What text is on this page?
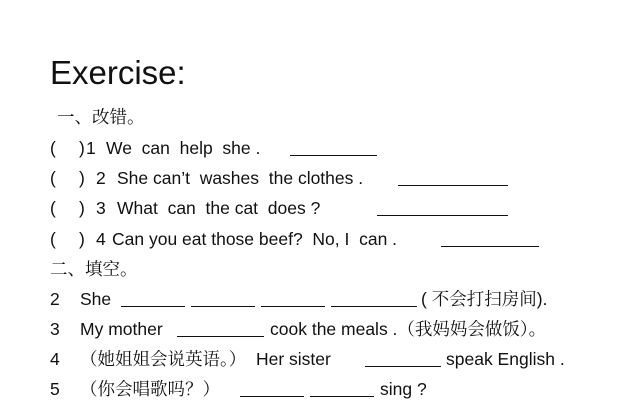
Exercise:
一、改错。
( ) 1 We  can  help  she .
( ) 2 She can’t  washes  the clothes .
( ) 3 What  can  the cat  does ?
( ) 4 Can you eat those beef?  No, I  can .
二、填空。
2 She	( 不会打扫房间).
3 My mother	cook the meals .（我妈妈会做饭）。
4 （她姐姐会说英语。）  Her sister	speak English .
5 （你会唱歌吗？）	sing ?
